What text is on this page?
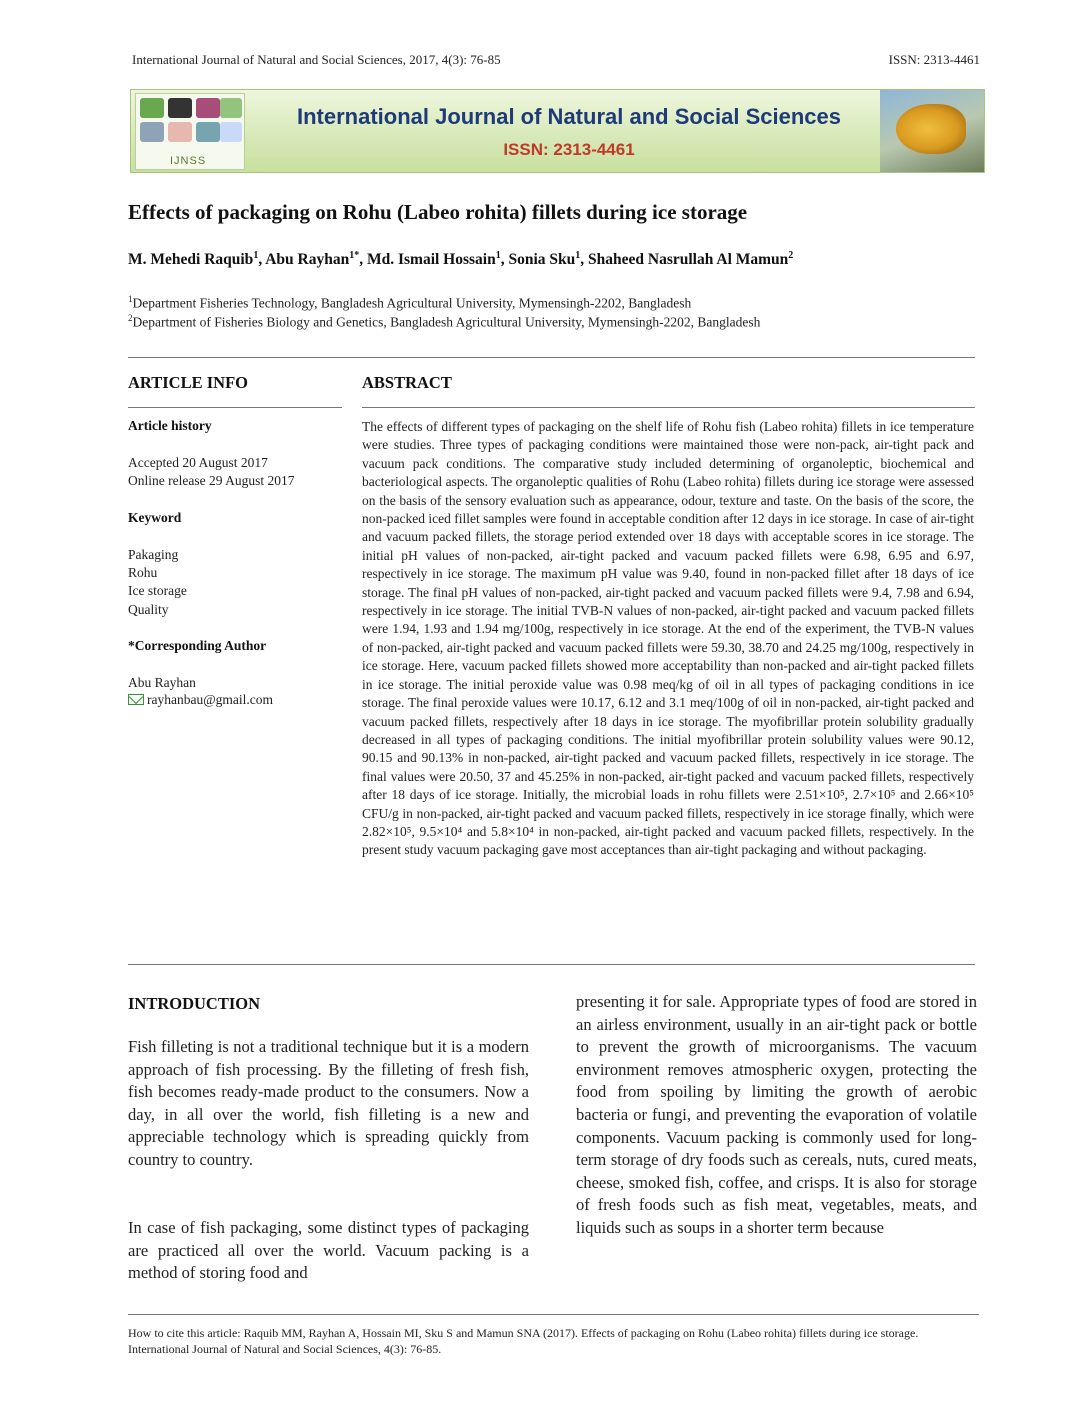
International Journal of Natural and Social Sciences, 2017, 4(3): 76-85	ISSN: 2313-4461
IJNSS
International Journal of Natural and Social Sciences
ISSN: 2313-4461
Effects of packaging on Rohu (Labeo rohita) fillets during ice storage
M. Mehedi Raquib$^1$, Abu Rayhan$^{1*}$, Md. Ismail Hossain$^1$, Sonia Sku$^1$, Shaheed Nasrullah Al Mamun$^2$
$^1$Department Fisheries Technology, Bangladesh Agricultural University, Mymensingh-2202, Bangladesh
$^2$Department of Fisheries Biology and Genetics, Bangladesh Agricultural University, Mymensingh-2202, Bangladesh
ARTICLE INFO
Article history
Accepted 20 August 2017
Online release 29 August 2017
Keyword
Pakaging
Rohu
Ice storage
Quality
*Corresponding Author
Abu Rayhan
rayhanbau@gmail.com
ABSTRACT
The effects of different types of packaging on the shelf life of Rohu fish (Labeo rohita) fillets in ice temperature were studies. Three types of packaging conditions were maintained those were non-pack, air-tight pack and vacuum pack conditions. The comparative study included determining of organoleptic, biochemical and bacteriological aspects. The organoleptic qualities of Rohu (Labeo rohita) fillets during ice storage were assessed on the basis of the sensory evaluation such as appearance, odour, texture and taste. On the basis of the score, the non-packed iced fillet samples were found in acceptable condition after 12 days in ice storage. In case of air-tight and vacuum packed fillets, the storage period extended over 18 days with acceptable scores in ice storage. The initial pH values of non-packed, air-tight packed and vacuum packed fillets were 6.98, 6.95 and 6.97, respectively in ice storage. The maximum pH value was 9.40, found in non-packed fillet after 18 days of ice storage. The final pH values of non-packed, air-tight packed and vacuum packed fillets were 9.4, 7.98 and 6.94, respectively in ice storage. The initial TVB-N values of non-packed, air-tight packed and vacuum packed fillets were 1.94, 1.93 and 1.94 mg/100g, respectively in ice storage. At the end of the experiment, the TVB-N values of non-packed, air-tight packed and vacuum packed fillets were 59.30, 38.70 and 24.25 mg/100g, respectively in ice storage. Here, vacuum packed fillets showed more acceptability than non-packed and air-tight packed fillets in ice storage. The initial peroxide value was 0.98 meq/kg of oil in all types of packaging conditions in ice storage. The final peroxide values were 10.17, 6.12 and 3.1 meq/100g of oil in non-packed, air-tight packed and vacuum packed fillets, respectively after 18 days in ice storage. The myofibrillar protein solubility gradually decreased in all types of packaging conditions. The initial myofibrillar protein solubility values were 90.12, 90.15 and 90.13% in non-packed, air-tight packed and vacuum packed fillets, respectively in ice storage. The final values were 20.50, 37 and 45.25% in non-packed, air-tight packed and vacuum packed fillets, respectively after 18 days of ice storage. Initially, the microbial loads in rohu fillets were 2.51×10⁵, 2.7×10⁵ and 2.66×10⁵ CFU/g in non-packed, air-tight packed and vacuum packed fillets, respectively in ice storage finally, which were 2.82×10⁵, 9.5×10⁴ and 5.8×10⁴ in non-packed, air-tight packed and vacuum packed fillets, respectively. In the present study vacuum packaging gave most acceptances than air-tight packaging and without packaging.
INTRODUCTION
Fish filleting is not a traditional technique but it is a modern approach of fish processing. By the filleting of fresh fish, fish becomes ready-made product to the consumers. Now a day, in all over the world, fish filleting is a new and appreciable technology which is spreading quickly from country to country.
In case of fish packaging, some distinct types of packaging are practiced all over the world. Vacuum packing is a method of storing food and
presenting it for sale. Appropriate types of food are stored in an airless environment, usually in an air-tight pack or bottle to prevent the growth of microorganisms. The vacuum environment removes atmospheric oxygen, protecting the food from spoiling by limiting the growth of aerobic bacteria or fungi, and preventing the evaporation of volatile components. Vacuum packing is commonly used for long-term storage of dry foods such as cereals, nuts, cured meats, cheese, smoked fish, coffee, and crisps. It is also for storage of fresh foods such as fish meat, vegetables, meats, and liquids such as soups in a shorter term because
How to cite this article: Raquib MM, Rayhan A, Hossain MI, Sku S and Mamun SNA (2017). Effects of packaging on Rohu (Labeo rohita) fillets during ice storage. International Journal of Natural and Social Sciences, 4(3): 76-85.
